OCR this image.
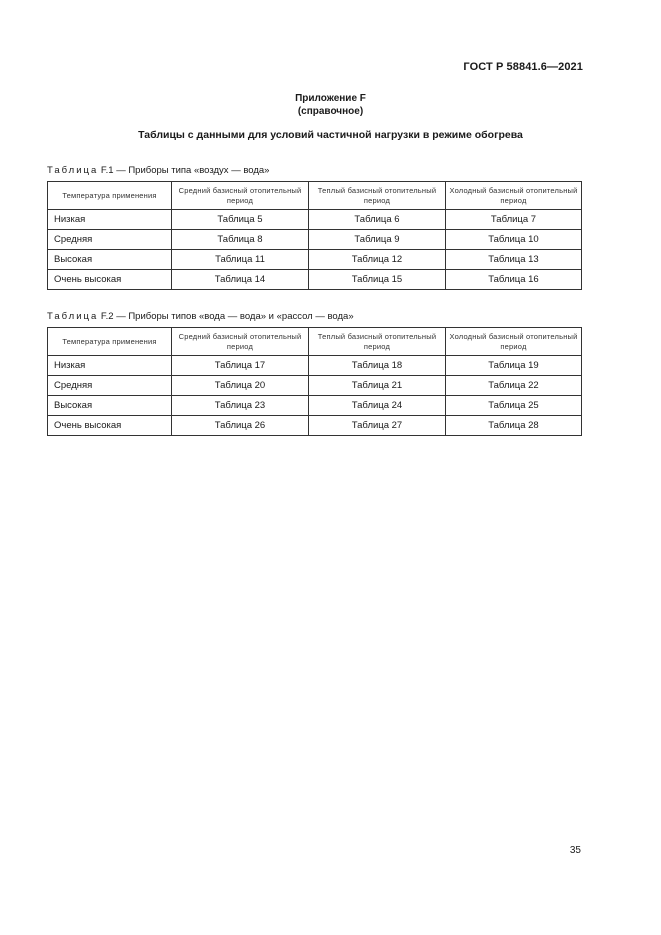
ГОСТ Р 58841.6—2021
Приложение F
(справочное)
Таблицы с данными для условий частичной нагрузки в режиме обогрева
Таблица F.1 — Приборы типа «воздух — вода»
Температура применения	Средний базисный отопительный период	Теплый базисный отопительный период	Холодный базисный отопительный период
Низкая	Таблица 5	Таблица 6	Таблица 7
Средняя	Таблица 8	Таблица 9	Таблица 10
Высокая	Таблица 11	Таблица 12	Таблица 13
Очень высокая	Таблица 14	Таблица 15	Таблица 16
Таблица F.2 — Приборы типов «вода — вода» и «рассол — вода»
Температура применения	Средний базисный отопительный период	Теплый базисный отопительный период	Холодный базисный отопительный период
Низкая	Таблица 17	Таблица 18	Таблица 19
Средняя	Таблица 20	Таблица 21	Таблица 22
Высокая	Таблица 23	Таблица 24	Таблица 25
Очень высокая	Таблица 26	Таблица 27	Таблица 28
35
